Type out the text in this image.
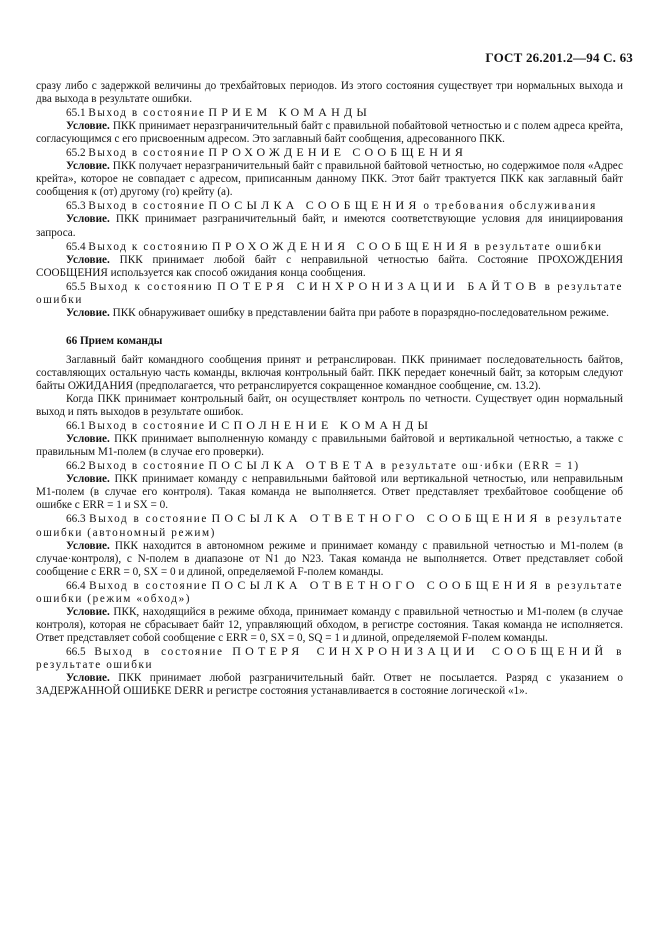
ГОСТ 26.201.2—94 С. 63

сразу либо с задержкой величины до трехбайтовых периодов. Из этого состояния существует три нормальных выхода и два выхода в результате ошибки.

65.1 Выход в состояние ПРИЕМ КОМАНДЫ

Условие. ПКК принимает неразграничительный байт с правильной побайтовой четностью и с полем адреса крейта, согласующимся с его присвоенным адресом. Это заглавный байт сообщения, адресованного ПКК.

65.2 Выход в состояние ПРОХОЖДЕНИЕ СООБЩЕНИЯ

Условие. ПКК получает неразграничительный байт с правильной байтовой четностью, но содержимое поля «Адрес крейта», которое не совпадает с адресом, приписанным данному ПКК. Этот байт трактуется ПКК как заглавный байт сообщения к (от) другому (го) крейту (а).

65.3 Выход в состояние ПОСЫЛКА СООБЩЕНИЯ о требования обслуживания

Условие. ПКК принимает разграничительный байт, и имеются соответствующие условия для инициирования запроса.

65.4 Выход к состоянию ПРОХОЖДЕНИЯ СООБЩЕНИЯ в результате ошибки

Условие. ПКК принимает любой байт с неправильной четностью байта. Состояние ПРОХОЖДЕНИЯ СООБЩЕНИЯ используется как способ ожидания конца сообщения.

65.5 Выход к состоянию ПОТЕРЯ СИНХРОНИЗАЦИИ БАЙТОВ в результате ошибки

Условие. ПКК обнаруживает ошибку в представлении байта при работе в поразрядно-последовательном режиме.

66 Прием команды

Заглавный байт командного сообщения принят и ретранслирован. ПКК принимает последовательность байтов, составляющих остальную часть команды, включая контрольный байт. ПКК передает конечный байт, за которым следуют байты ОЖИДАНИЯ (предполагается, что ретранслируется сокращенное командное сообщение, см. 13.2).

Когда ПКК принимает контрольный байт, он осуществляет контроль по четности. Существует один нормальный выход и пять выходов в результате ошибок.

66.1 Выход в состояние ИСПОЛНЕНИЕ КОМАНДЫ

Условие. ПКК принимает выполненную команду с правильными байтовой и вертикальной четностью, а также с правильным М1-полем (в случае его проверки).

66.2 Выход в состояние ПОСЫЛКА ОТВЕТА в результате ош·ибки (ERR = 1)

Условие. ПКК принимает команду с неправильными байтовой или вертикальной четностью, или неправильным М1-полем (в случае его контроля). Такая команда не выполняется. Ответ представляет трехбайтовое сообщение об ошибке с ERR = 1 и SX = 0.

66.3 Выход в состояние ПОСЫЛКА ОТВЕТНОГО СООБЩЕНИЯ в результате ошибки (автономный режим)

Условие. ПКК находится в автономном режиме и принимает команду с правильной четностью и М1-полем (в случае·контроля), с N-полем в диапазоне от N1 до N23. Такая команда не выполняется. Ответ представляет собой сообщение с ERR = 0, SX = 0 и длиной, определяемой F-полем команды.

66.4 Выход в состояние ПОСЫЛКА ОТВЕТНОГО СООБЩЕНИЯ в результате ошибки (режим «обход»)

Условие. ПКК, находящийся в режиме обхода, принимает команду с правильной четностью и М1-полем (в случае контроля), которая не сбрасывает байт 12, управляющий обходом, в регистре состояния. Такая команда не исполняется. Ответ представляет собой сообщение с ERR = 0, SX = 0, SQ = 1 и длиной, определяемой F-полем команды.

66.5 Выход в состояние ПОТЕРЯ СИНХРОНИЗАЦИИ СООБЩЕНИЙ в результате ошибки

Условие. ПКК принимает любой разграничительный байт. Ответ не посылается. Разряд с указанием о ЗАДЕРЖАННОЙ ОШИБКЕ DERR и регистре состояния устанавливается в состояние логической «1».
